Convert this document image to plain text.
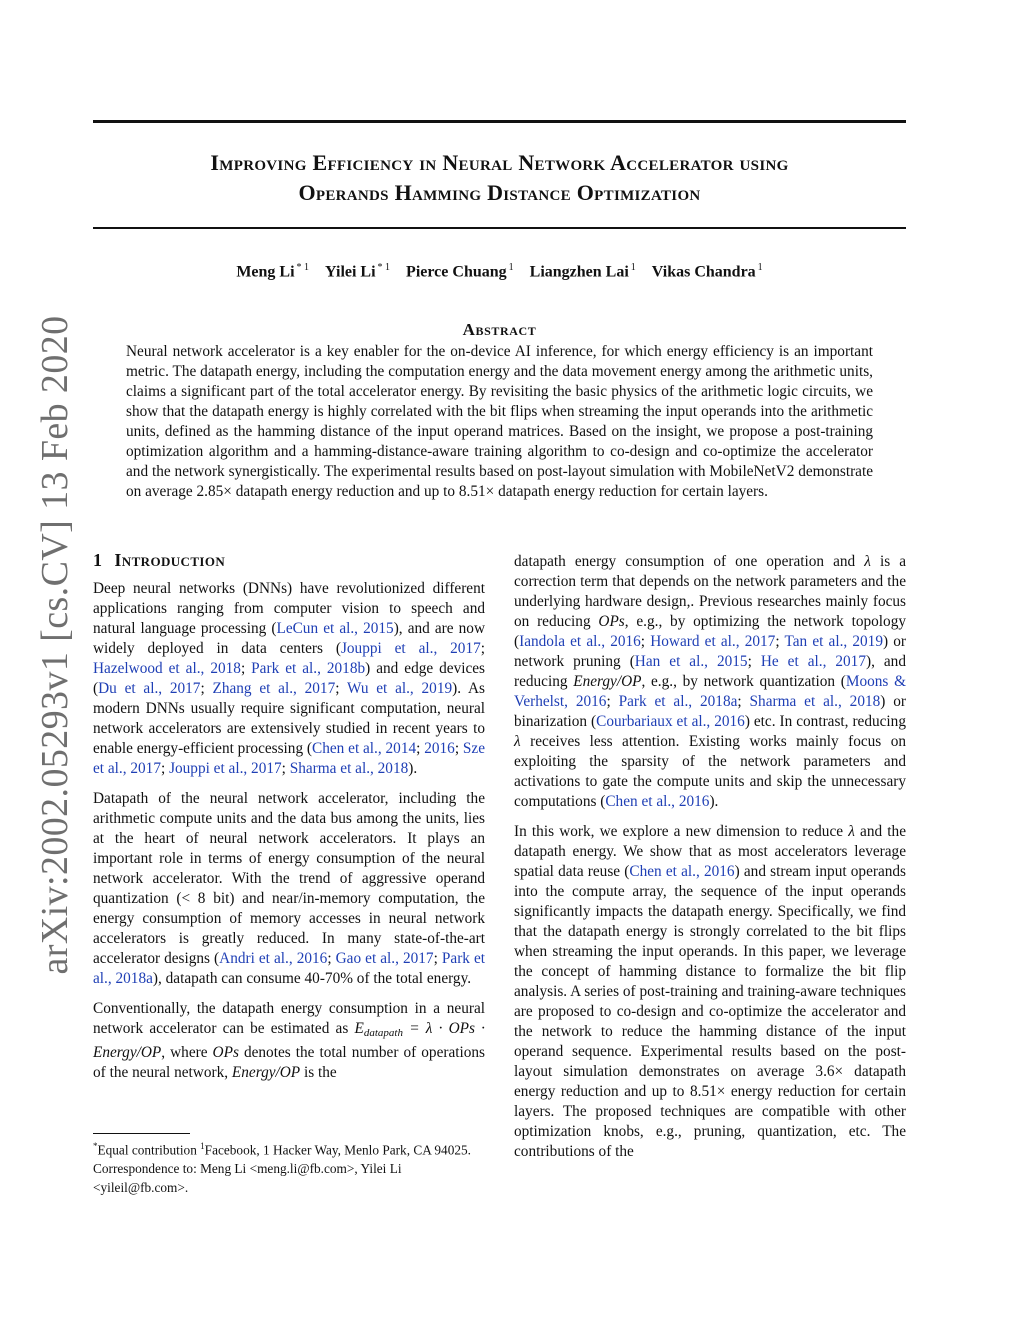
arXiv:2002.05293v1 [cs.CV] 13 Feb 2020
Improving Efficiency in Neural Network Accelerator using
Operands Hamming Distance Optimization
Meng Li $^{* 1}$ Yilei Li $^{* 1}$ Pierce Chuang $^1$ Liangzhen Lai $^1$ Vikas Chandra $^1$
Abstract

Neural network accelerator is a key enabler for the on-device AI inference, for which energy efficiency is an important metric. The datapath energy, including the computation energy and the data movement energy among the arithmetic units, claims a significant part of the total accelerator energy. By revisiting the basic physics of the arithmetic logic circuits, we show that the datapath energy is highly correlated with the bit flips when streaming the input operands into the arithmetic units, defined as the hamming distance of the input operand matrices. Based on the insight, we propose a post-training optimization algorithm and a hamming-distance-aware training algorithm to co-design and co-optimize the accelerator and the network synergistically. The experimental results based on post-layout simulation with MobileNetV2 demonstrate on average 2.85× datapath energy reduction and up to 8.51× datapath energy reduction for certain layers.

1 Introduction

Deep neural networks (DNNs) have revolutionized different applications ranging from computer vision to speech and natural language processing (LeCun et al., 2015), and are now widely deployed in data centers (Jouppi et al., 2017; Hazelwood et al., 2018; Park et al., 2018b) and edge devices (Du et al., 2017; Zhang et al., 2017; Wu et al., 2019). As modern DNNs usually require significant computation, neural network accelerators are extensively studied in recent years to enable energy-efficient processing (Chen et al., 2014; 2016; Sze et al., 2017; Jouppi et al., 2017; Sharma et al., 2018).

Datapath of the neural network accelerator, including the arithmetic compute units and the data bus among the units, lies at the heart of neural network accelerators. It plays an important role in terms of energy consumption of the neural network accelerator. With the trend of aggressive operand quantization (< 8 bit) and near/in-memory computation, the energy consumption of memory accesses in neural network accelerators is greatly reduced. In many state-of-the-art accelerator designs (Andri et al., 2016; Gao et al., 2017; Park et al., 2018a), datapath can consume 40-70% of the total energy.

Conventionally, the datapath energy consumption in a neural network accelerator can be estimated as Edatapath = λ · OPs · Energy/OP, where OPs denotes the total number of operations of the neural network, Energy/OP is the

*Equal contribution $^1$Facebook, 1 Hacker Way, Menlo Park, CA 94025. Correspondence to: Meng Li <meng.li@fb.com>, Yilei Li <yileil@fb.com>.

datapath energy consumption of one operation and λ is a correction term that depends on the network parameters and the underlying hardware design,. Previous researches mainly focus on reducing OPs, e.g., by optimizing the network topology (Iandola et al., 2016; Howard et al., 2017; Tan et al., 2019) or network pruning (Han et al., 2015; He et al., 2017), and reducing Energy/OP, e.g., by network quantization (Moons & Verhelst, 2016; Park et al., 2018a; Sharma et al., 2018) or binarization (Courbariaux et al., 2016) etc. In contrast, reducing λ receives less attention. Existing works mainly focus on exploiting the sparsity of the network parameters and activations to gate the compute units and skip the unnecessary computations (Chen et al., 2016).

In this work, we explore a new dimension to reduce λ and the datapath energy. We show that as most accelerators leverage spatial data reuse (Chen et al., 2016) and stream input operands into the compute array, the sequence of the input operands significantly impacts the datapath energy. Specifically, we find that the datapath energy is strongly correlated to the bit flips when streaming the input operands. In this paper, we leverage the concept of hamming distance to formalize the bit flip analysis. A series of post-training and training-aware techniques are proposed to co-design and co-optimize the accelerator and the network to reduce the hamming distance of the input operand sequence. Experimental results based on the post-layout simulation demonstrates on average 3.6× datapath energy reduction and up to 8.51× energy reduction for certain layers. The proposed techniques are compatible with other optimization knobs, e.g., pruning, quantization, etc. The contributions of the
